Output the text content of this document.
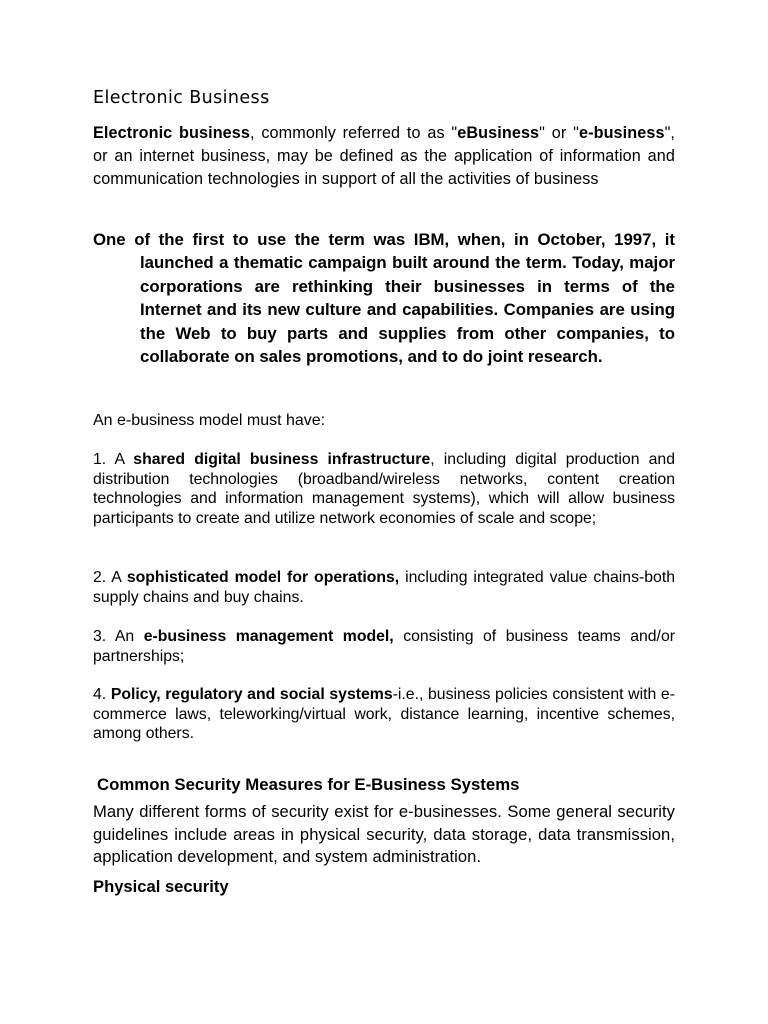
Electronic Business

Electronic business, commonly referred to as "eBusiness" or "e-business", or an internet business, may be defined as the application of information and communication technologies in support of all the activities of business

One of the first to use the term was IBM, when, in October, 1997, it launched a thematic campaign built around the term. Today, major corporations are rethinking their businesses in terms of the Internet and its new culture and capabilities. Companies are using the Web to buy parts and supplies from other companies, to collaborate on sales promotions, and to do joint research.

An e-business model must have:

1. A shared digital business infrastructure, including digital production and distribution technologies (broadband/wireless networks, content creation technologies and information management systems), which will allow business participants to create and utilize network economies of scale and scope;

2. A sophisticated model for operations, including integrated value chains-both supply chains and buy chains.

3. An e-business management model, consisting of business teams and/or partnerships;

4. Policy, regulatory and social systems-i.e., business policies consistent with e-commerce laws, teleworking/virtual work, distance learning, incentive schemes, among others.

Common Security Measures for E-Business Systems

Many different forms of security exist for e-businesses. Some general security guidelines include areas in physical security, data storage, data transmission, application development, and system administration.

Physical security
